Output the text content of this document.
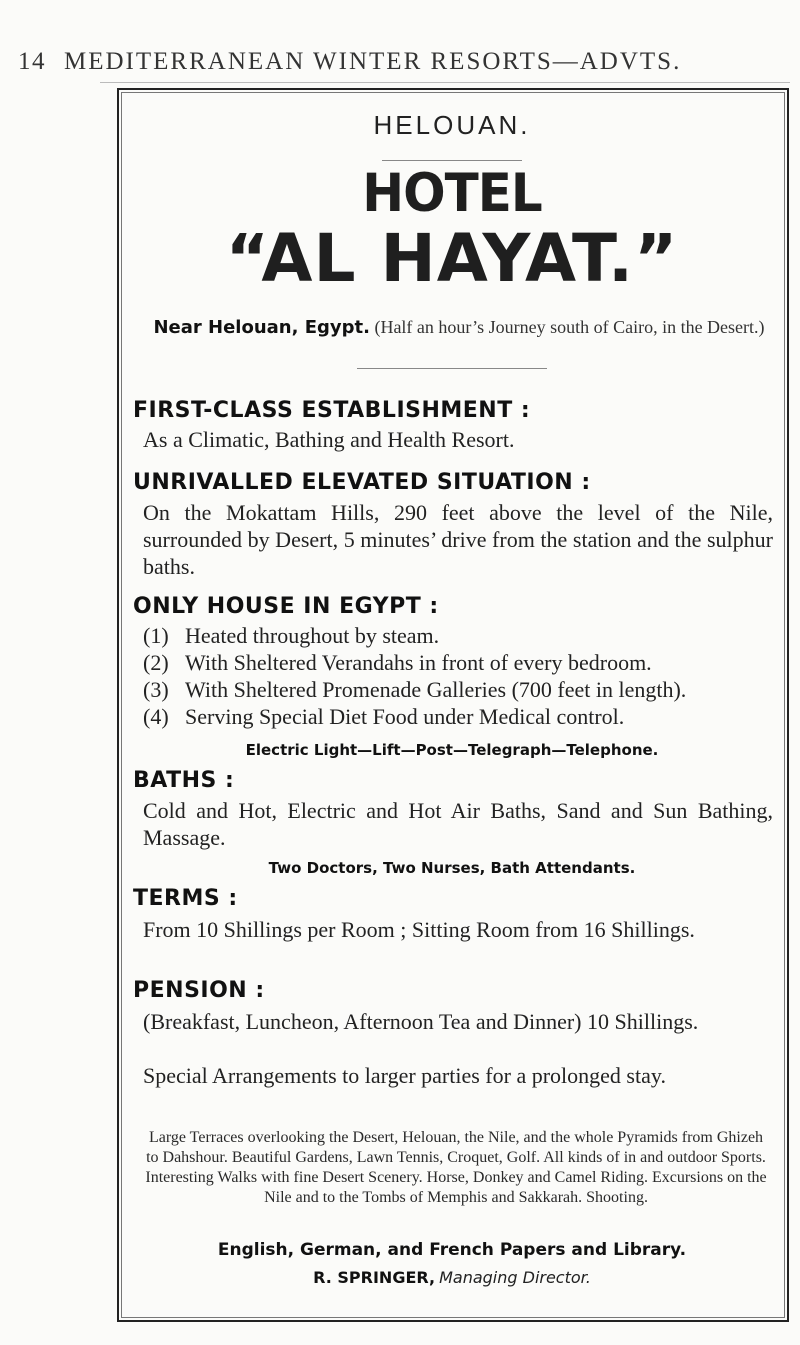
14 MEDITERRANEAN WINTER RESORTS—ADVTS.
HELOUAN.
HOTEL
“AL HAYAT.”
Near Helouan, Egypt. (Half an hour’s Journey south of Cairo, in the Desert.)
FIRST-CLASS ESTABLISHMENT :
As a Climatic, Bathing and Health Resort.
UNRIVALLED ELEVATED SITUATION :
On the Mokattam Hills, 290 feet above the level of the Nile, surrounded by Desert, 5 minutes’ drive from the station and the sulphur baths.
ONLY HOUSE IN EGYPT :
(1) Heated throughout by steam.
(2) With Sheltered Verandahs in front of every bedroom.
(3) With Sheltered Promenade Galleries (700 feet in length).
(4) Serving Special Diet Food under Medical control.
Electric Light—Lift—Post—Telegraph—Telephone.
BATHS :
Cold and Hot, Electric and Hot Air Baths, Sand and Sun Bathing, Massage.
Two Doctors, Two Nurses, Bath Attendants.
TERMS :
From 10 Shillings per Room ; Sitting Room from 16 Shillings.
PENSION :
(Breakfast, Luncheon, Afternoon Tea and Dinner) 10 Shillings.
Special Arrangements to larger parties for a prolonged stay.
Large Terraces overlooking the Desert, Helouan, the Nile, and the whole Pyramids from Ghizeh to Dahshour. Beautiful Gardens, Lawn Tennis, Croquet, Golf. All kinds of in and outdoor Sports. Interesting Walks with fine Desert Scenery. Horse, Donkey and Camel Riding. Excursions on the Nile and to the Tombs of Memphis and Sakkarah. Shooting.
English, German, and French Papers and Library.
R. SPRINGER, Managing Director.
